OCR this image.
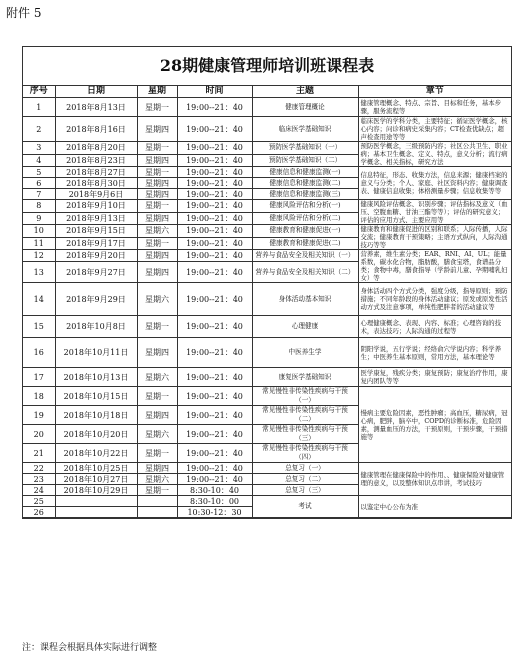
附件 5
28期健康管理师培训班课程表
序号	日期	星期	时间	主题	章节
1	2018年8月13日	星期一	19:00--21：40	健康管理概论	健康管理概念、特点、宗旨、目标和任务，基本步骤，服务流程等
2	2018年8月16日	星期四	19:00--21：40	临床医学基础知识	临床医学的学科分类，主要特征；循证医学概念，核心内容；问诊和病史采集内容；CT检查优缺点；超声检查用途等等
3	2018年8月20日	星期一	19:00--21：40	预防医学基础知识（一）	预防医学概念，三级预防内容；社区公共卫生、职业病；基本卫生概念、定义、特点，意义分析；流行病学概念、相关指标，研究方法
4	2018年8月23日	星期四	19:00--21：40	预防医学基础知识（二）	
5	2018年8月27日	星期一	19:00--21：40	健康信息和健康监测(一)	信息特征，形态、收集方法，信息来源；健康档案的意义与分类；个人、家庭、社区资料内容；健康调查表、健康信息收集；体格测量步骤；信息收集等等
6	2018年8月30日	星期四	19:00--21：40	健康信息和健康监测(二)	
7	2018年9月6日	星期四	19:00--21：40	健康信息和健康监测(三)	
8	2018年9月10日	星期一	19:00--21：40	健康风险评估和分析(一)	健康风险评估概念、识别步骤；评估指标及意义（血压、空腹血糖、甘油三酯等等）；评估的研究意义；评估的应用方式、主要应用等
9	2018年9月13日	星期四	19:00--21：40	健康风险评估和分析(二)	
10	2018年9月15日	星期六	19:00--21：40	健康教育和健康促进(一)	健康教育和健康促进的区别和联系；人际传播，人际交流；健康教育干预策略；主语方式纵向，人际沟通技巧等等
11	2018年9月17日	星期一	19:00--21：40	健康教育和健康促进(二)	
12	2018年9月20日	星期四	19:00--21：40	营养与食品安全及相关知识（一）	营养素，维生素分类；EAR、RNI、AI、UL；能量系数，碳水化合物，脂肪酸，膳食宝塔，食谱品分类；食物中毒，膳食指导（学龄前儿童、孕期哺乳妇女）等
13	2018年9月27日	星期四	19:00--21：40	营养与食品安全及相关知识（二）	
14	2018年9月29日	星期六	19:00--21：40	身体活动基本知识	身体活动四个方式分类，强度分级，指导原则；预防措施；不同年龄段的身体活动建议；原发或原发性活动方式及注意事项，单纯性肥胖者的活动建议等
15	2018年10月8日	星期一	19:00--21：40	心理健康	心理健康概念、表现、内容、标准；心理咨询的技术，表达技巧；人际沟通的过程等
16	2018年10月11日	星期四	19:00--21：40	中医养生学	阴阳学说，五行学说；经络俞穴学说内容；科学养生；中医养生基本原则，常用方法，基本理论等
17	2018年10月13日	星期六	19:00--21：40	康复医学基础知识	医学康复，残疾分类；康复预防；康复治疗作用，康复内团队等等
18	2018年10月15日	星期一	19:00--21：40	常见慢性非传染性疾病与干预（一）	慢病主要危险因素，恶性肿瘤；高血压，糖尿病，冠心病，肥胖，脑卒中，COPD的诊断标准，危险因素，测量血压的方法，干预原则，干预步骤，干预措施等
19	2018年10月18日	星期四	19:00--21：40	常见慢性非传染性疾病与干预（二）	
20	2018年10月20日	星期六	19:00--21：40	常见慢性非传染性疾病与干预（三）	
21	2018年10月22日	星期一	19:00--21：40	常见慢性非传染性疾病与干预（四）	
22	2018年10月25日	星期四	19:00--21：40	总复习（一）	健康管理在健康保险中的作用、、健康保险对健康管理的意义，以及整体知识点串讲，考试技巧
23	2018年10月27日	星期六	19:00--21：40	总复习（二）	
24	2018年10月29日	星期一	8:30-10：40	总复习（三）	
25			8:30-10：00	考试	以鉴定中心公布为准
26			10:30-12：30		
注：课程会根据具体实际进行调整
